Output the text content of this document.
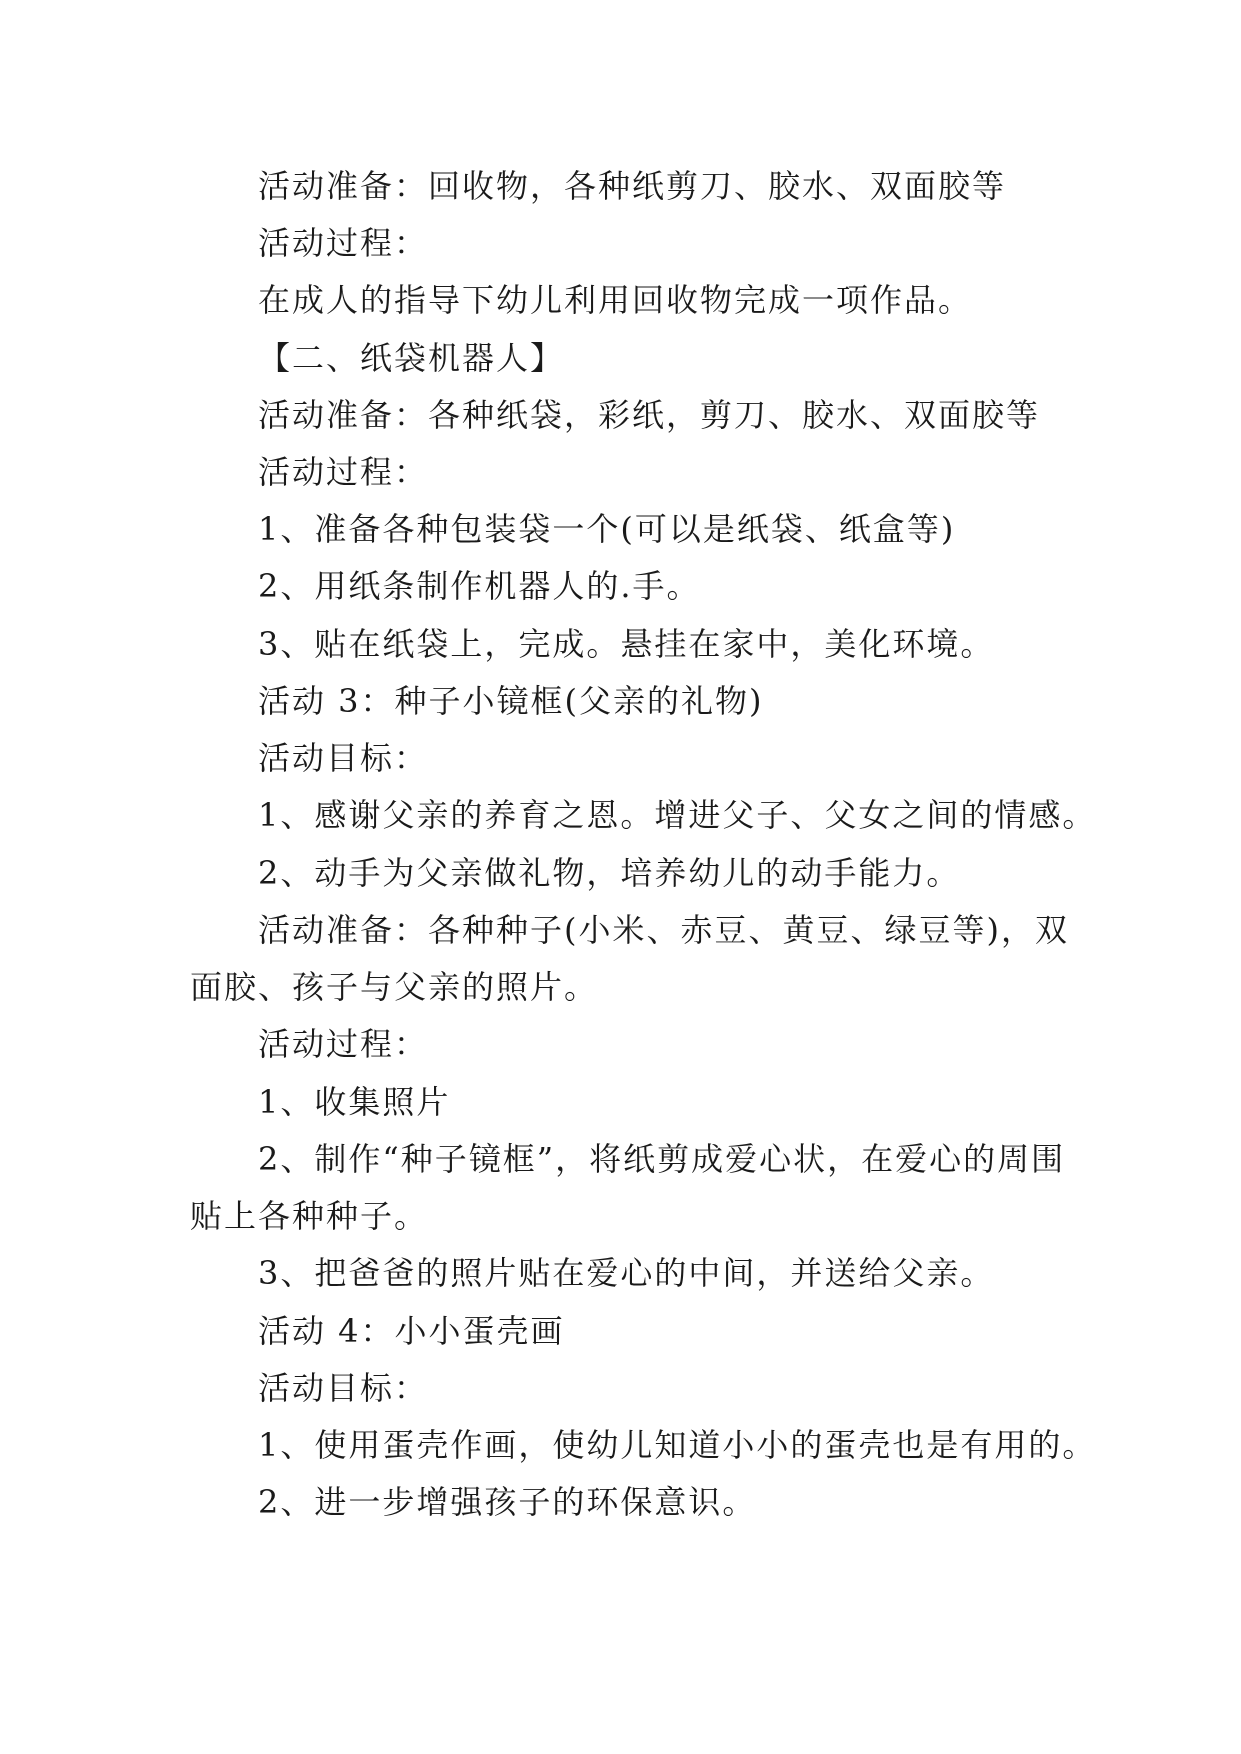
活动准备：回收物，各种纸剪刀、胶水、双面胶等
活动过程：
在成人的指导下幼儿利用回收物完成一项作品。
【二、纸袋机器人】
活动准备：各种纸袋，彩纸，剪刀、胶水、双面胶等
活动过程：
1、准备各种包装袋一个(可以是纸袋、纸盒等)
2、用纸条制作机器人的.手。
3、贴在纸袋上，完成。悬挂在家中，美化环境。
活动 3：种子小镜框(父亲的礼物)
活动目标：
1、感谢父亲的养育之恩。增进父子、父女之间的情感。
2、动手为父亲做礼物，培养幼儿的动手能力。
活动准备：各种种子(小米、赤豆、黄豆、绿豆等)，双
面胶、孩子与父亲的照片。
活动过程：
1、收集照片
2、制作“种子镜框”，将纸剪成爱心状，在爱心的周围
贴上各种种子。
3、把爸爸的照片贴在爱心的中间，并送给父亲。
活动 4：小小蛋壳画
活动目标：
1、使用蛋壳作画，使幼儿知道小小的蛋壳也是有用的。
2、进一步增强孩子的环保意识。
